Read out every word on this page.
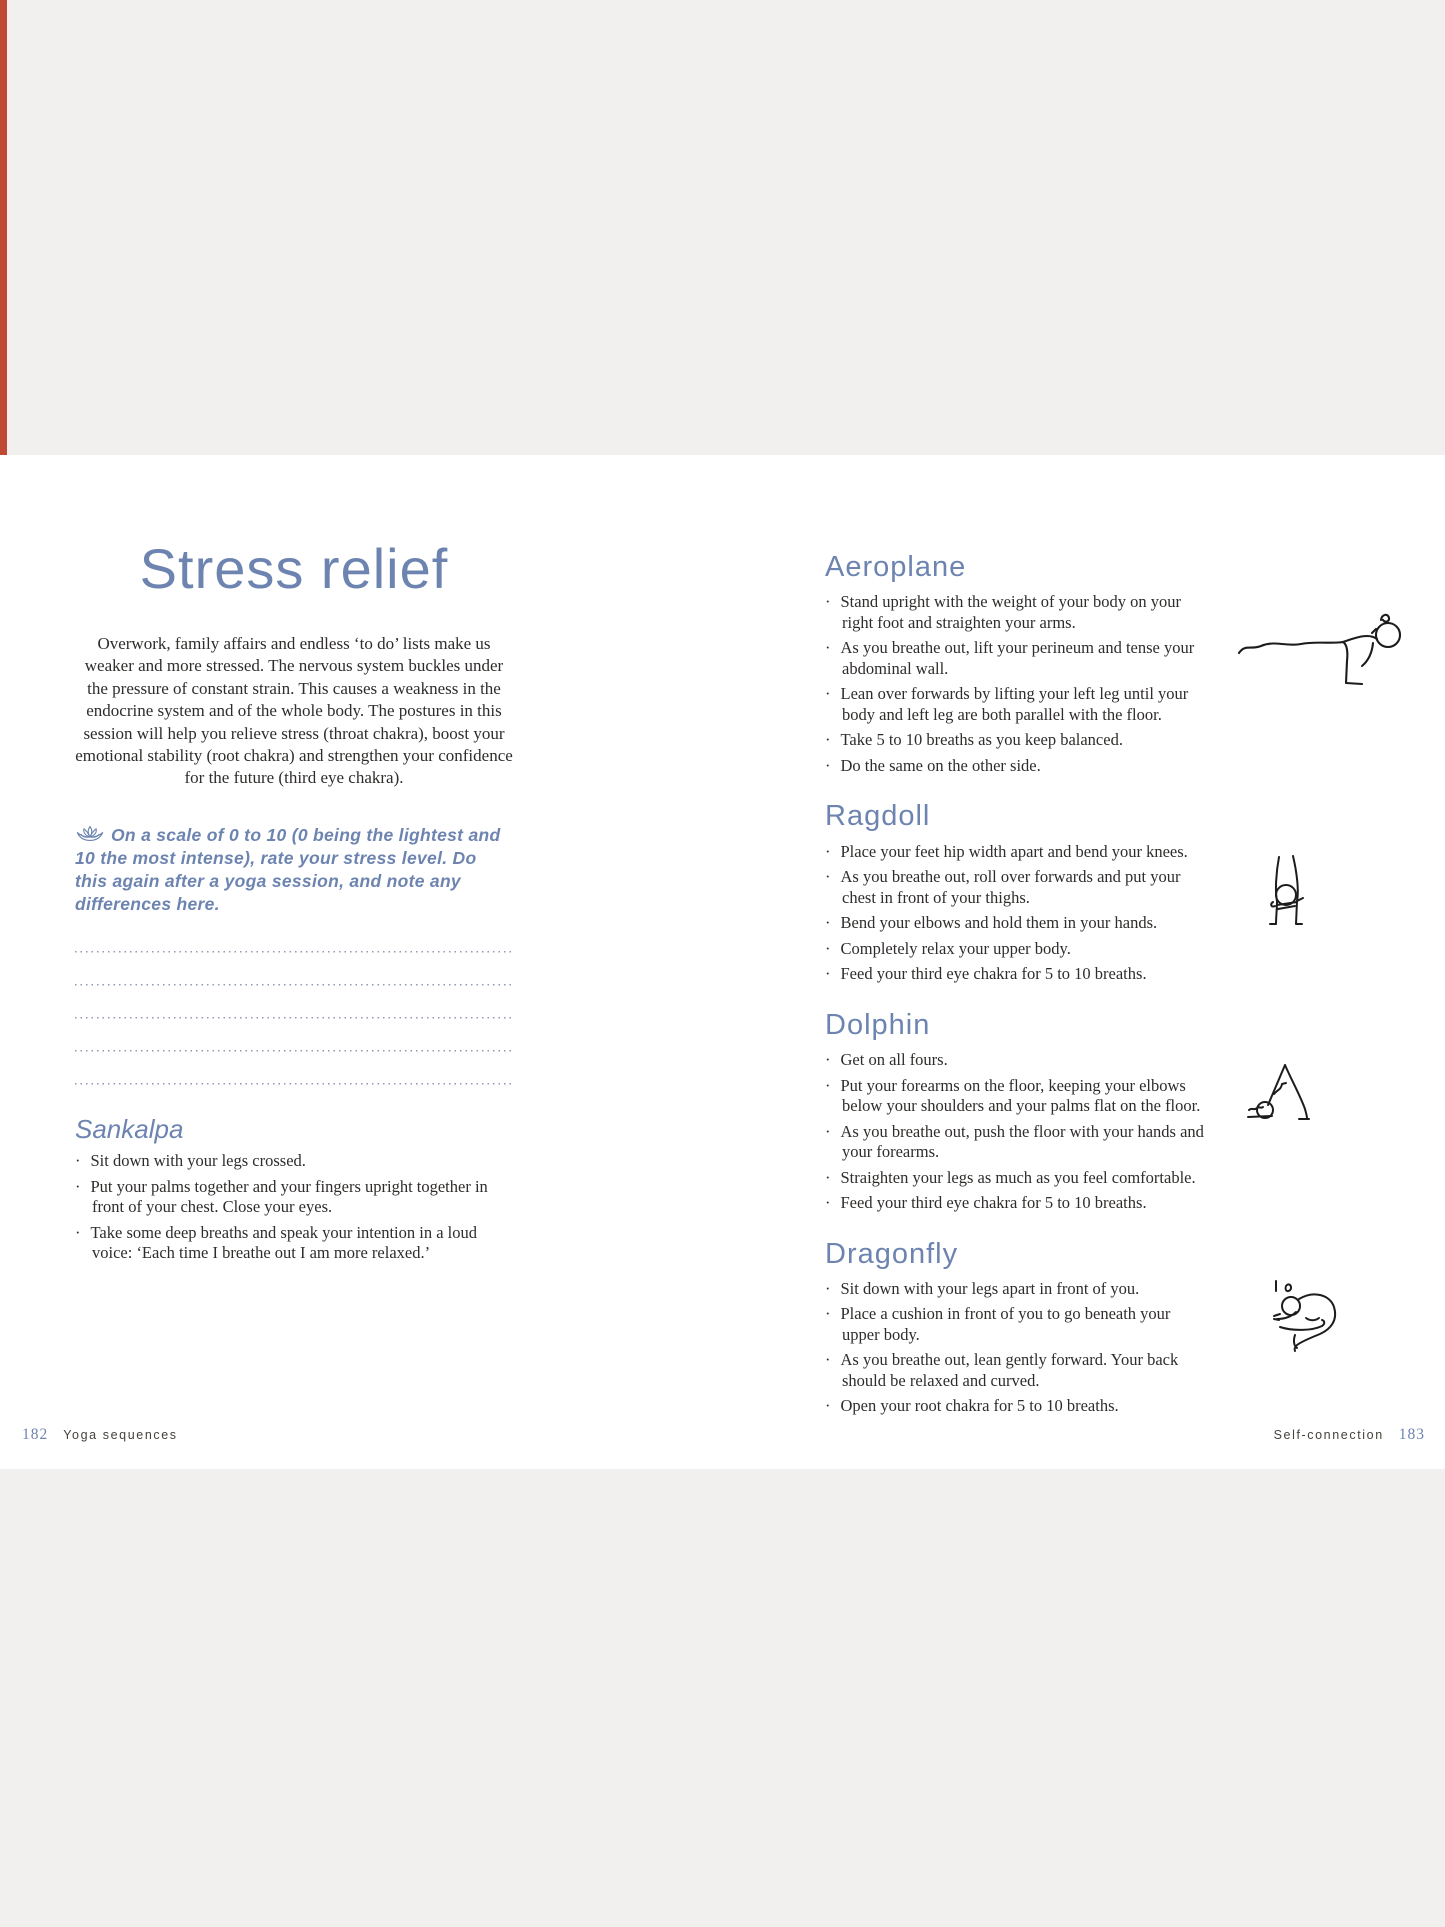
Stress relief

Overwork, family affairs and endless ‘to do’ lists make us weaker and more stressed. The nervous system buckles under the pressure of constant strain. This causes a weakness in the endocrine system and of the whole body. The postures in this session will help you relieve stress (throat chakra), boost your emotional stability (root chakra) and strengthen your confidence for the future (third eye chakra).

On a scale of 0 to 10 (0 being the lightest and 10 the most intense), rate your stress level. Do this again after a yoga session, and note any differences here.

Sankalpa
· Sit down with your legs crossed.
· Put your palms together and your fingers upright together in front of your chest. Close your eyes.
· Take some deep breaths and speak your intention in a loud voice: ‘Each time I breathe out I am more relaxed.’
Aeroplane
· Stand upright with the weight of your body on your right foot and straighten your arms.
· As you breathe out, lift your perineum and tense your abdominal wall.
· Lean over forwards by lifting your left leg until your body and left leg are both parallel with the floor.
· Take 5 to 10 breaths as you keep balanced.
· Do the same on the other side.
Ragdoll
· Place your feet hip width apart and bend your knees.
· As you breathe out, roll over forwards and put your chest in front of your thighs.
· Bend your elbows and hold them in your hands.
· Completely relax your upper body.
· Feed your third eye chakra for 5 to 10 breaths.
Dolphin
· Get on all fours.
· Put your forearms on the floor, keeping your elbows below your shoulders and your palms flat on the floor.
· As you breathe out, push the floor with your hands and your forearms.
· Straighten your legs as much as you feel comfortable.
· Feed your third eye chakra for 5 to 10 breaths.
Dragonfly
· Sit down with your legs apart in front of you.
· Place a cushion in front of you to go beneath your upper body.
· As you breathe out, lean gently forward. Your back should be relaxed and curved.
· Open your root chakra for 5 to 10 breaths.
182 Yoga sequences	Self-connection 183
